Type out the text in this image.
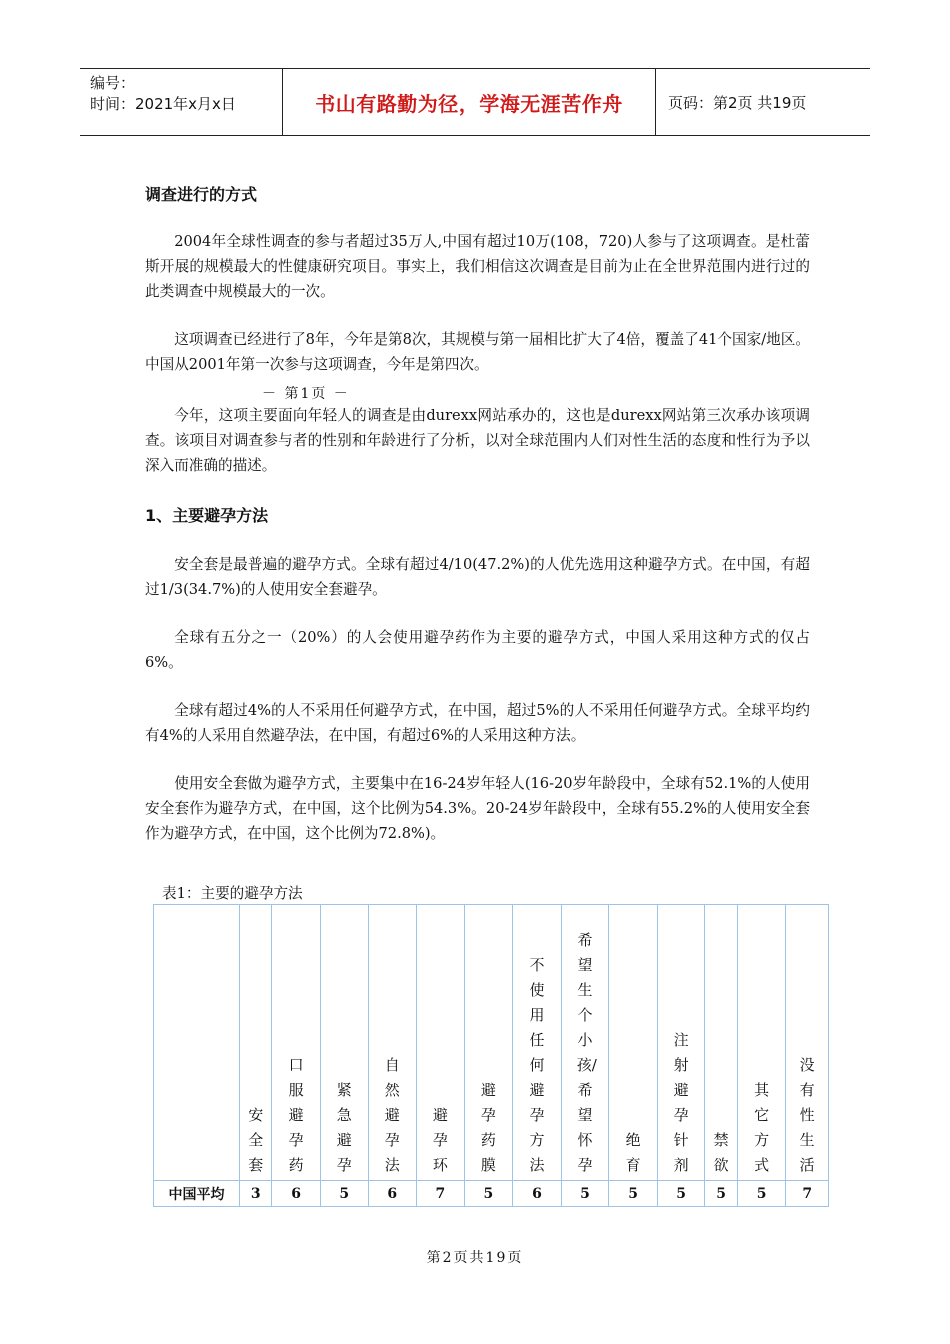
编号：
时间：2021年x月x日	书山有路勤为径，学海无涯苦作舟	页码：第2页 共19页
调查进行的方式
2004年全球性调查的参与者超过35万人,中国有超过10万(108，720)人参与了这项调查。是杜蕾斯开展的规模最大的性健康研究项目。事实上，我们相信这次调查是目前为止在全世界范围内进行过的此类调查中规模最大的一次。
这项调查已经进行了8年，今年是第8次，其规模与第一届相比扩大了4倍，覆盖了41个国家/地区。中国从2001年第一次参与这项调查，今年是第四次。
今年，这项主要面向年轻人的调查是由durexx网站承办的，这也是durexx网站第三次承办该项调查。该项目对调查参与者的性别和年龄进行了分析，以对全球范围内人们对性生活的态度和性行为予以深入而准确的描述。
1、主要避孕方法
安全套是最普遍的避孕方式。全球有超过4/10(47.2%)的人优先选用这种避孕方式。在中国，有超过1/3(34.7%)的人使用安全套避孕。
全球有五分之一（20%）的人会使用避孕药作为主要的避孕方式，中国人采用这种方式的仅占6%。
全球有超过4%的人不采用任何避孕方式，在中国，超过5%的人不采用任何避孕方式。全球平均约有4%的人采用自然避孕法，在中国，有超过6%的人采用这种方法。
使用安全套做为避孕方式，主要集中在16-24岁年轻人(16-20岁年龄段中，全球有52.1%的人使用安全套作为避孕方式，在中国，这个比例为54.3%。20-24岁年龄段中，全球有55.2%的人使用安全套作为避孕方式，在中国，这个比例为72.8%)。
－ 第1页 －
表1：主要的避孕方法
	安全套	口服避孕药	紧急避孕	自然避孕法	避孕环	避孕药膜	不使用任何避孕方法	希望生个小孩/希望怀孕	绝育	注射避孕针剂	禁欲	其它方式	没有性生活
中国平均	3	6	5	6	7	5	6	5	5	5	5	5	7
第2页共19页
